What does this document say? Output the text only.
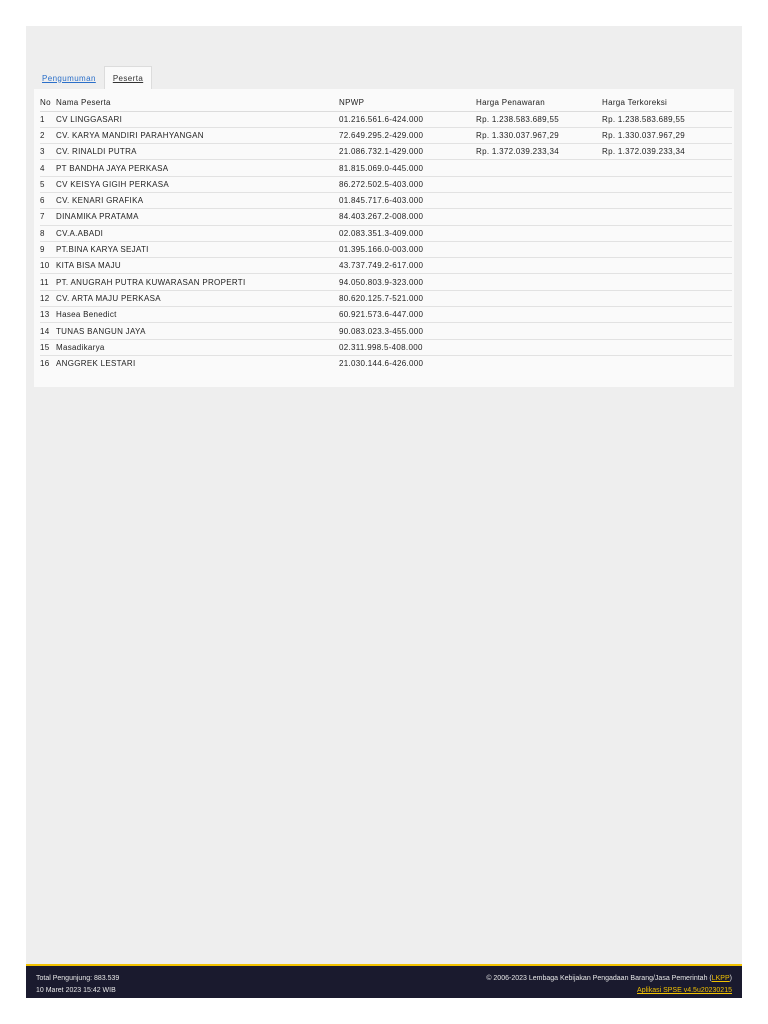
Pengumuman	Peserta
No	Nama Peserta	NPWP	Harga Penawaran	Harga Terkoreksi
1	CV LINGGASARI	01.216.561.6-424.000	Rp. 1.238.583.689,55	Rp. 1.238.583.689,55
2	CV. KARYA MANDIRI PARAHYANGAN	72.649.295.2-429.000	Rp. 1.330.037.967,29	Rp. 1.330.037.967,29
3	CV. RINALDI PUTRA	21.086.732.1-429.000	Rp. 1.372.039.233,34	Rp. 1.372.039.233,34
4	PT BANDHA JAYA PERKASA	81.815.069.0-445.000		
5	CV KEISYA GIGIH PERKASA	86.272.502.5-403.000		
6	CV. KENARI GRAFIKA	01.845.717.6-403.000		
7	DINAMIKA PRATAMA	84.403.267.2-008.000		
8	CV.A.ABADI	02.083.351.3-409.000		
9	PT.BINA KARYA SEJATI	01.395.166.0-003.000		
10	KITA BISA MAJU	43.737.749.2-617.000		
11	PT. ANUGRAH PUTRA KUWARASAN PROPERTI	94.050.803.9-323.000		
12	CV. ARTA MAJU PERKASA	80.620.125.7-521.000		
13	Hasea Benedict	60.921.573.6-447.000		
14	TUNAS BANGUN JAYA	90.083.023.3-455.000		
15	Masadikarya	02.311.998.5-408.000		
16	ANGGREK LESTARI	21.030.144.6-426.000		
Total Pengunjung: 883.539
10 Maret 2023 15:42 WIB
© 2006-2023 Lembaga Kebijakan Pengadaan Barang/Jasa Pemerintah (LKPP)
Aplikasi SPSE v4.5u20230215
